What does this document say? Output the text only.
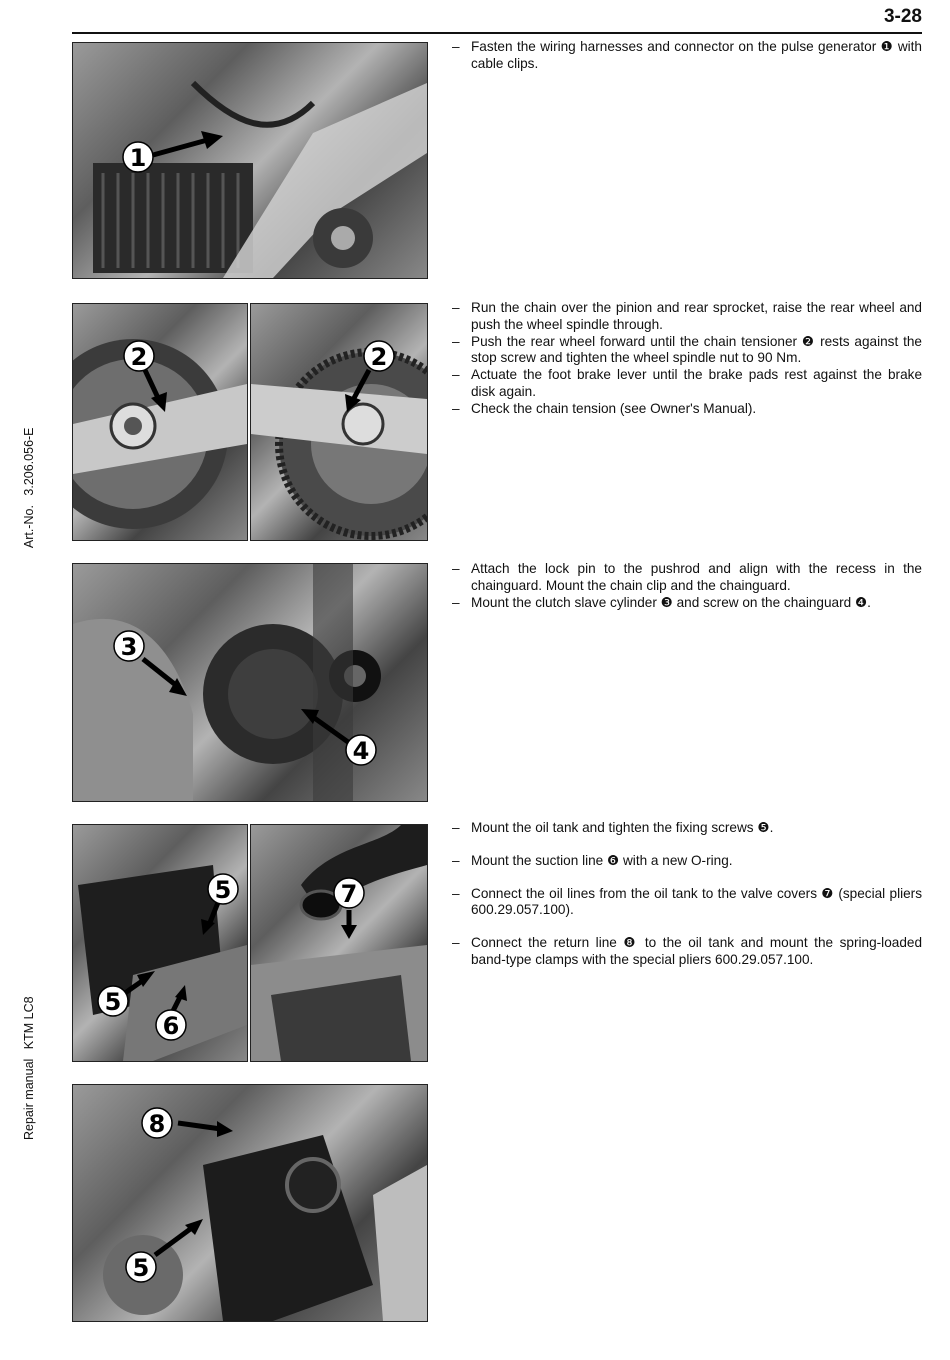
3-28
Repair manual KTM LC8  Art.-No. 3.206.056-E
1
– Fasten the wiring harnesses and connector on the pulse generator ❶ with cable clips.
2	2
– Run the chain over the pinion and rear sprocket, raise the rear wheel and push the wheel spindle through.
– Push the rear wheel forward until the chain tensioner ❷ rests against the stop screw and tighten the wheel spindle nut to 90 Nm.
– Actuate the foot brake lever until the brake pads rest against the brake disk again.
– Check the chain tension (see Owner's Manual).
3
4
– Attach the lock pin to the pushrod and align with the recess in the chainguard. Mount the chain clip and the chainguard.
– Mount the clutch slave cylinder ❸ and screw on the chainguard ❹.
5
5
6
7
– Mount the oil tank and tighten the fixing screws ❺.
– Mount the suction line ❻ with a new O-ring.
– Connect the oil lines from the oil tank to the valve covers ❼ (special pliers 600.29.057.100).
– Connect the return line ❽ to the oil tank and mount the spring-loaded band-type clamps with the special pliers 600.29.057.100.
8
5
